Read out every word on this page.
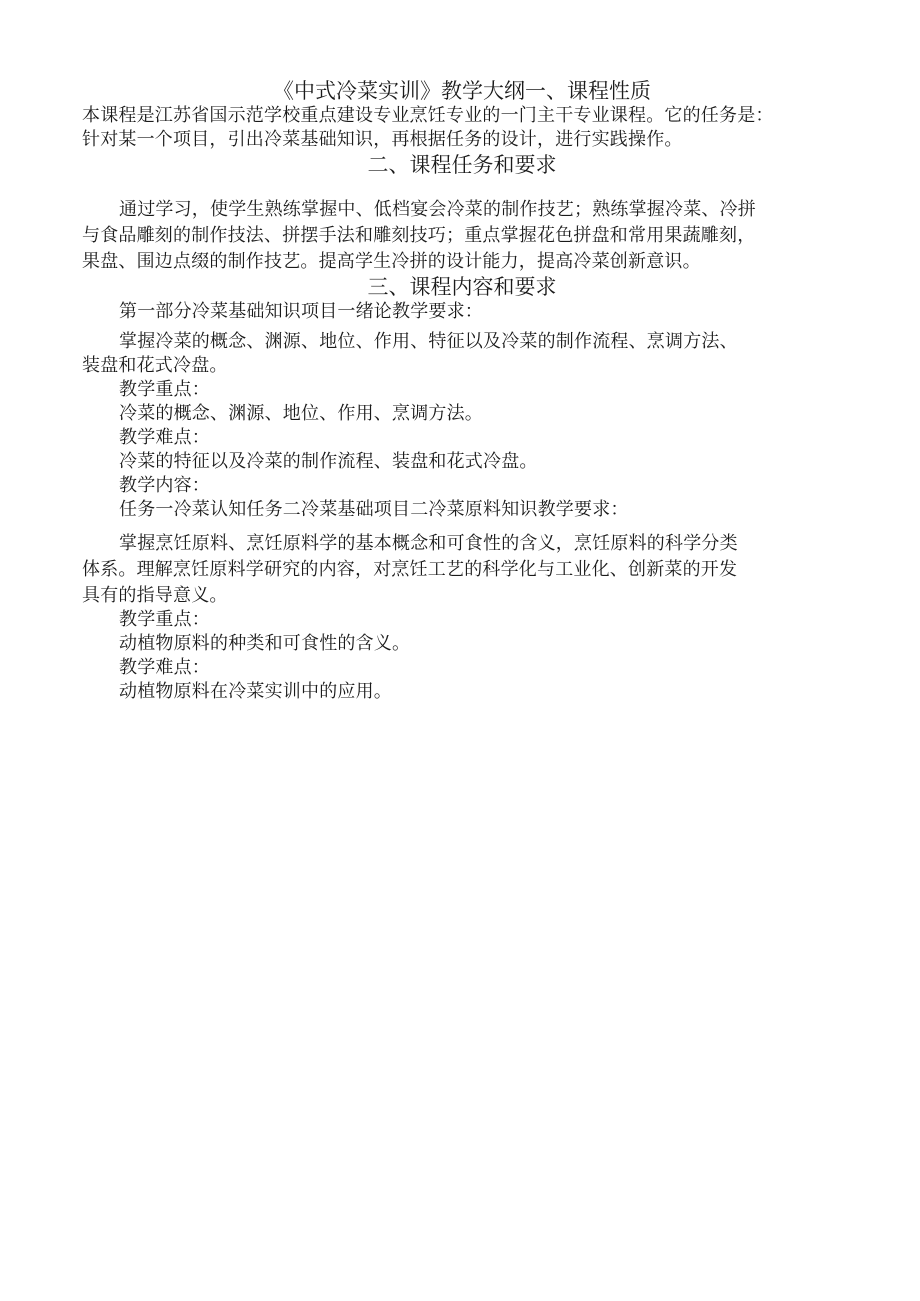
《中式冷菜实训》教学大纲一、课程性质
本课程是江苏省国示范学校重点建设专业烹饪专业的一门主干专业课程。它的任务是：
针对某一个项目，引出冷菜基础知识，再根据任务的设计，进行实践操作。
二、课程任务和要求
通过学习，使学生熟练掌握中、低档宴会冷菜的制作技艺；熟练掌握冷菜、冷拼
与食品雕刻的制作技法、拼摆手法和雕刻技巧；重点掌握花色拼盘和常用果蔬雕刻，
果盘、围边点缀的制作技艺。提高学生冷拼的设计能力，提高冷菜创新意识。
三、课程内容和要求
第一部分冷菜基础知识项目一绪论教学要求：
掌握冷菜的概念、渊源、地位、作用、特征以及冷菜的制作流程、烹调方法、
装盘和花式冷盘。
教学重点：
冷菜的概念、渊源、地位、作用、烹调方法。
教学难点：
冷菜的特征以及冷菜的制作流程、装盘和花式冷盘。
教学内容：
任务一冷菜认知任务二冷菜基础项目二冷菜原料知识教学要求：
掌握烹饪原料、烹饪原料学的基本概念和可食性的含义，烹饪原料的科学分类
体系。理解烹饪原料学研究的内容，对烹饪工艺的科学化与工业化、创新菜的开发
具有的指导意义。
教学重点：
动植物原料的种类和可食性的含义。
教学难点：
动植物原料在冷菜实训中的应用。
